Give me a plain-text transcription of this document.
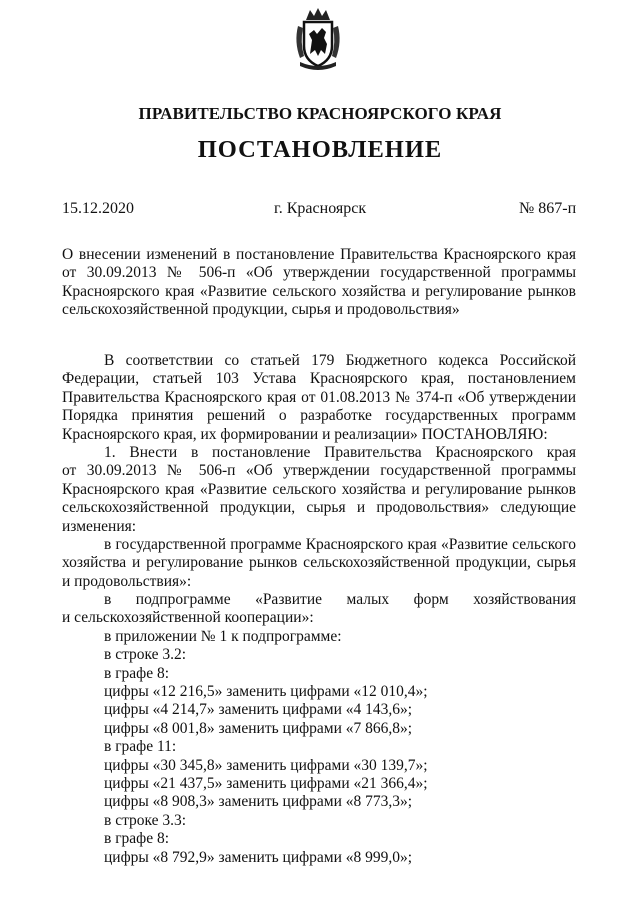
ПРАВИТЕЛЬСТВО КРАСНОЯРСКОГО КРАЯ
ПОСТАНОВЛЕНИЕ
15.12.2020	г. Красноярск	№ 867-п
О внесении изменений в постановление Правительства Красноярского края
от 30.09.2013 № 506-п «Об утверждении государственной программы
Красноярского края «Развитие сельского хозяйства и регулирование рынков
сельскохозяйственной продукции, сырья и продовольствия»
В соответствии со статьей 179 Бюджетного кодекса Российской
Федерации, статьей 103 Устава Красноярского края, постановлением
Правительства Красноярского края от 01.08.2013 № 374-п «Об утверждении
Порядка принятия решений о разработке государственных программ
Красноярского края, их формировании и реализации» ПОСТАНОВЛЯЮ:
1. Внести в постановление Правительства Красноярского края
от 30.09.2013 № 506-п «Об утверждении государственной программы
Красноярского края «Развитие сельского хозяйства и регулирование рынков
сельскохозяйственной продукции, сырья и продовольствия» следующие
изменения:
в государственной программе Красноярского края «Развитие сельского
хозяйства и регулирование рынков сельскохозяйственной продукции, сырья
и продовольствия»:
в подпрограмме «Развитие малых форм хозяйствования
и сельскохозяйственной кооперации»:
в приложении № 1 к подпрограмме:
в строке 3.2:
в графе 8:
цифры «12 216,5» заменить цифрами «12 010,4»;
цифры «4 214,7» заменить цифрами «4 143,6»;
цифры «8 001,8» заменить цифрами «7 866,8»;
в графе 11:
цифры «30 345,8» заменить цифрами «30 139,7»;
цифры «21 437,5» заменить цифрами «21 366,4»;
цифры «8 908,3» заменить цифрами «8 773,3»;
в строке 3.3:
в графе 8:
цифры «8 792,9» заменить цифрами «8 999,0»;
